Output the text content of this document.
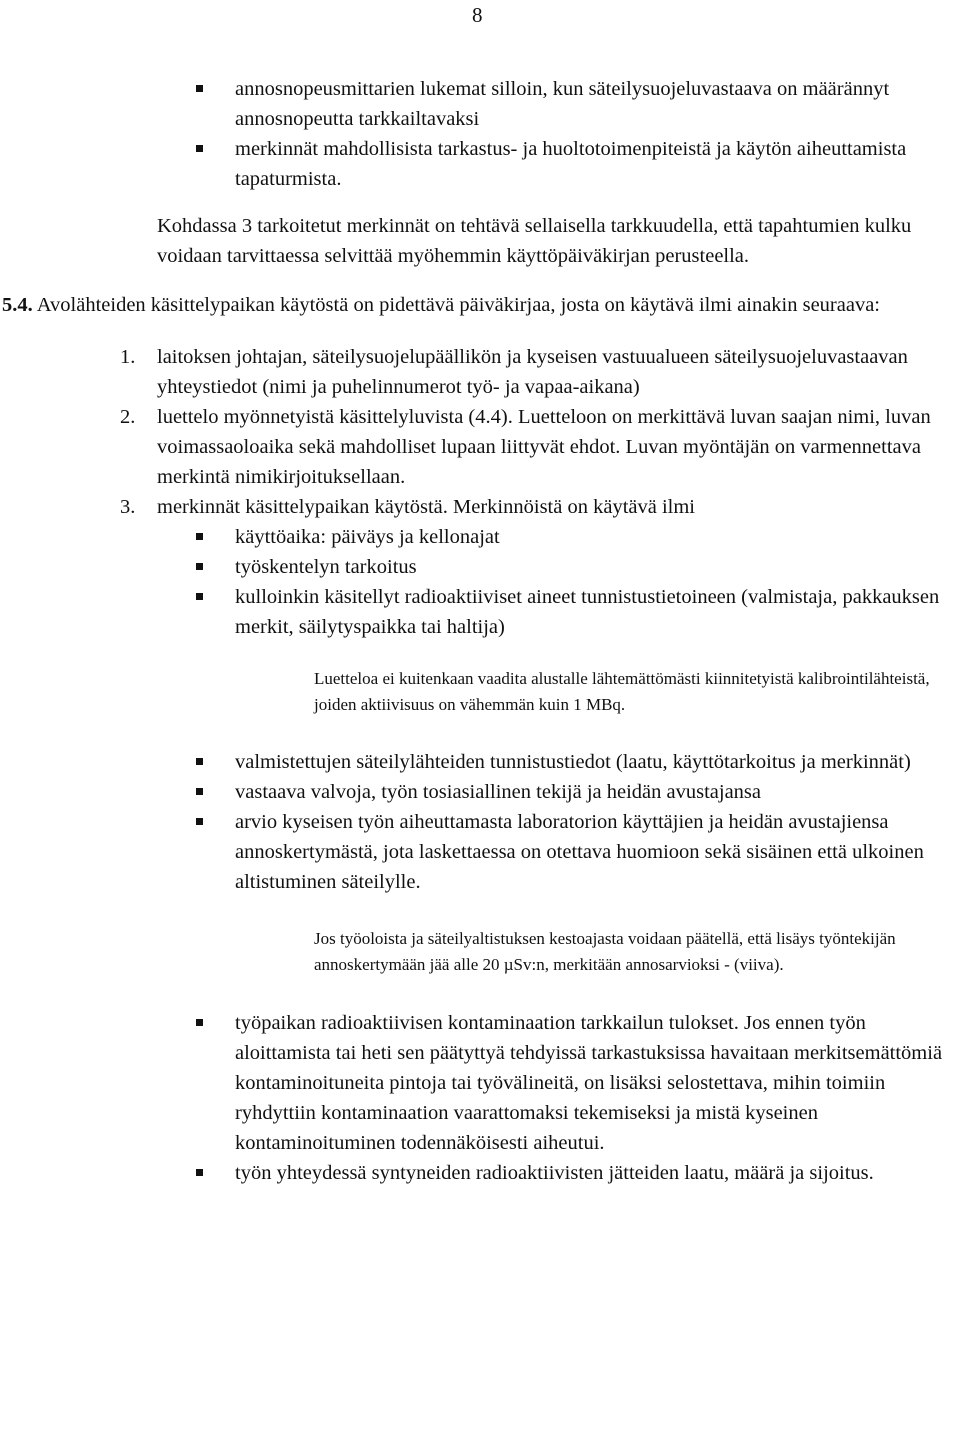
8
annosnopeusmittarien lukemat silloin, kun säteilysuojeluvastaava on määrännyt annosnopeutta tarkkailtavaksi
merkinnät mahdollisista tarkastus- ja huoltotoimenpiteistä ja käytön aiheuttamista tapaturmista.

Kohdassa 3 tarkoitetut merkinnät on tehtävä sellaisella tarkkuudella, että tapahtumien kulku voidaan tarvittaessa selvittää myöhemmin käyttöpäiväkirjan perusteella.

5.4. Avolähteiden käsittelypaikan käytöstä on pidettävä päiväkirjaa, josta on käytävä ilmi ainakin seuraava:

1. laitoksen johtajan, säteilysuojelupäällikön ja kyseisen vastuualueen säteilysuojeluvastaavan yhteystiedot (nimi ja puhelinnumerot työ- ja vapaa-aikana)
2. luettelo myönnetyistä käsittelyluvista (4.4). Luetteloon on merkittävä luvan saajan nimi, luvan voimassaoloaika sekä mahdolliset lupaan liittyvät ehdot. Luvan myöntäjän on varmennettava merkintä nimikirjoituksellaan.
3. merkinnät käsittelypaikan käytöstä. Merkinnöistä on käytävä ilmi
käyttöaika: päiväys ja kellonajat
työskentelyn tarkoitus
kulloinkin käsitellyt radioaktiiviset aineet tunnistustietoineen (valmistaja, pakkauksen merkit, säilytyspaikka tai haltija)

Luetteloa ei kuitenkaan vaadita alustalle lähtemättömästi kiinnitetyistä kalibrointilähteistä, joiden aktiivisuus on vähemmän kuin 1 MBq.

valmistettujen säteilylähteiden tunnistustiedot (laatu, käyttötarkoitus ja merkinnät)
vastaava valvoja, työn tosiasiallinen tekijä ja heidän avustajansa
arvio kyseisen työn aiheuttamasta laboratorion käyttäjien ja heidän avustajiensa annoskertymästä, jota laskettaessa on otettava huomioon sekä sisäinen että ulkoinen altistuminen säteilylle.

Jos työoloista ja säteilyaltistuksen kestoajasta voidaan päätellä, että lisäys työntekijän annoskertymään jää alle 20 µSv:n, merkitään annosarvioksi - (viiva).

työpaikan radioaktiivisen kontaminaation tarkkailun tulokset. Jos ennen työn aloittamista tai heti sen päätyttyä tehdyissä tarkastuksissa havaitaan merkitsemättömiä kontaminoituneita pintoja tai työvälineitä, on lisäksi selostettava, mihin toimiin ryhdyttiin kontaminaation vaarattomaksi tekemiseksi ja mistä kyseinen kontaminoituminen todennäköisesti aiheutui.
työn yhteydessä syntyneiden radioaktiivisten jätteiden laatu, määrä ja sijoitus.
